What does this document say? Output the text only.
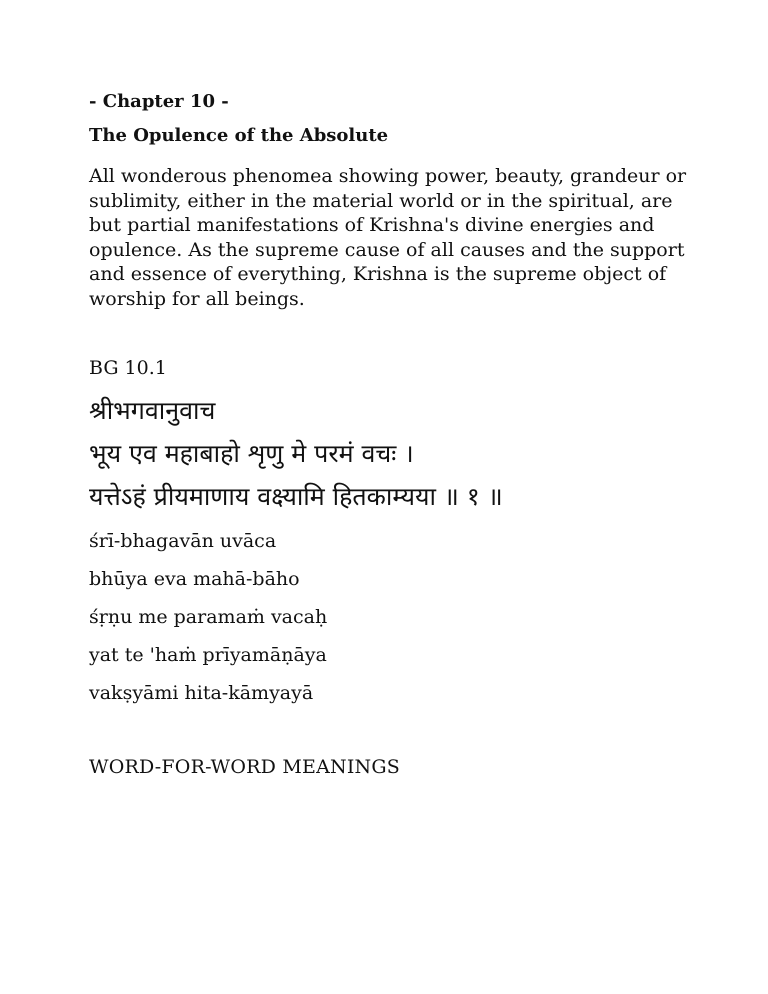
- Chapter 10 -
The Opulence of the Absolute
All wonderous phenomea showing power, beauty, grandeur or
sublimity, either in the material world or in the spiritual, are
but partial manifestations of Krishna's divine energies and
opulence. As the supreme cause of all causes and the support
and essence of everything, Krishna is the supreme object of
worship for all beings.
BG 10.1
श्रीभगवानुवाच
भूय एव महाबाहो शृणु मे परमं वचः ।
यत्तेऽहं प्रीयमाणाय वक्ष्यामि हितकाम्यया ॥ १ ॥
śrī-bhagavān uvāca
bhūya eva mahā-bāho
śṛṇu me paramaṁ vacaḥ
yat te 'haṁ prīyamāṇāya
vakṣyāmi hita-kāmyayā
WORD-FOR-WORD MEANINGS
